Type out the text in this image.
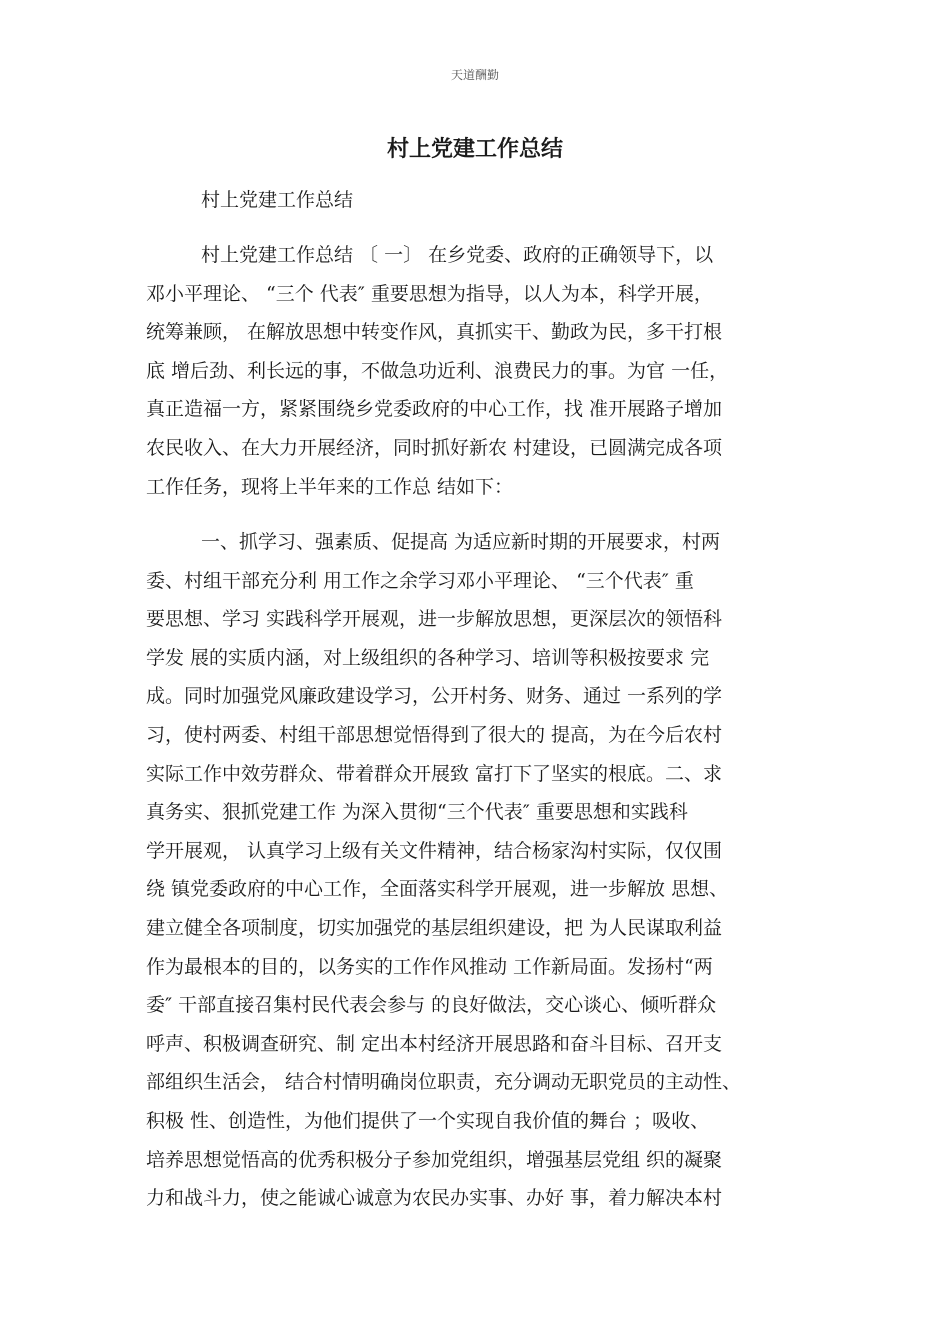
天道酬勤
村上党建工作总结
村上党建工作总结
村上党建工作总结 〔 一〕 在乡党委、政府的正确领导下，以
邓小平理论、 “三个 代表″ 重要思想为指导，以人为本，科学开展，
统筹兼顾， 在解放思想中转变作风，真抓实干、勤政为民，多干打根
底 增后劲、利长远的事，不做急功近利、浪费民力的事。为官 一任，
真正造福一方，紧紧围绕乡党委政府的中心工作，找 准开展路子增加
农民收入、在大力开展经济，同时抓好新农 村建设，已圆满完成各项
工作任务，现将上半年来的工作总 结如下：
一、抓学习、强素质、促提高 为适应新时期的开展要求，村两
委、村组干部充分利 用工作之余学习邓小平理论、 “三个代表″ 重
要思想、学习 实践科学开展观，进一步解放思想，更深层次的领悟科
学发 展的实质内涵，对上级组织的各种学习、培训等积极按要求 完
成。同时加强党风廉政建设学习，公开村务、财务、通过 一系列的学
习，使村两委、村组干部思想觉悟得到了很大的 提高，为在今后农村
实际工作中效劳群众、带着群众开展致 富打下了坚实的根底。二、求
真务实、狠抓党建工作 为深入贯彻“三个代表″ 重要思想和实践科
学开展观， 认真学习上级有关文件精神，结合杨家沟村实际，仅仅围
绕 镇党委政府的中心工作，全面落实科学开展观，进一步解放 思想、
建立健全各项制度，切实加强党的基层组织建设，把 为人民谋取利益
作为最根本的目的，以务实的工作作风推动 工作新局面。发扬村“两
委″ 干部直接召集村民代表会参与 的良好做法，交心谈心、倾听群众
呼声、积极调查研究、制 定出本村经济开展思路和奋斗目标、召开支
部组织生活会， 结合村情明确岗位职责，充分调动无职党员的主动性、
积极 性、创造性，为他们提供了一个实现自我价值的舞台 ；吸收、
培养思想觉悟高的优秀积极分子参加党组织，增强基层党组 织的凝聚
力和战斗力，使之能诚心诚意为农民办实事、办好 事，着力解决本村
